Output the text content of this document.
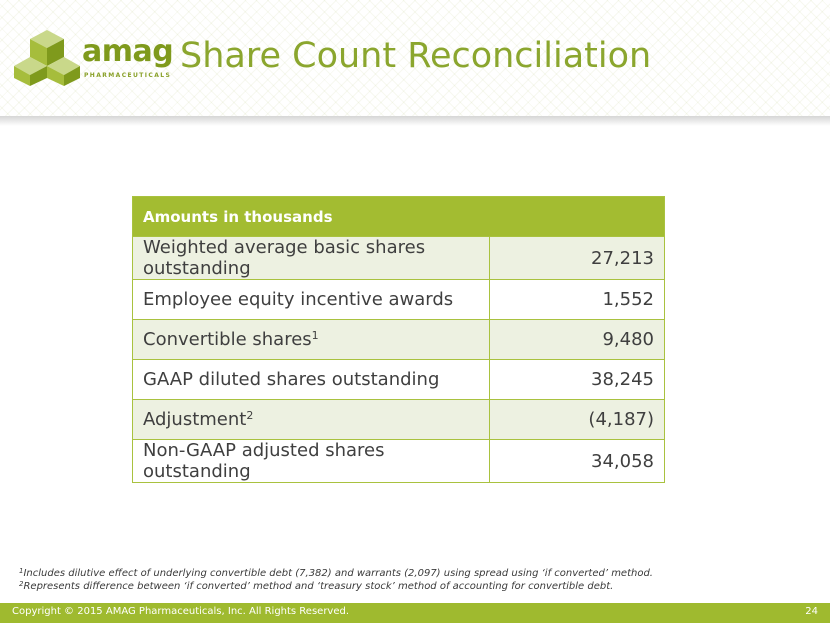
amag
PHARMACEUTICALS Share Count Reconciliation
Amounts in thousands	
Weighted average basic shares outstanding	27,213
Employee equity incentive awards	1,552
Convertible shares$^1$	9,480
GAAP diluted shares outstanding	38,245
Adjustment$^2$	(4,187)
Non-GAAP adjusted shares outstanding	34,058
$^1$Includes dilutive effect of underlying convertible debt (7,382) and warrants (2,097) using spread using ‘if converted’ method.
$^2$Represents difference between ‘if converted’ method and ‘treasury stock’ method of accounting for convertible debt.
Copyright © 2015 AMAG Pharmaceuticals, Inc. All Rights Reserved.	24
